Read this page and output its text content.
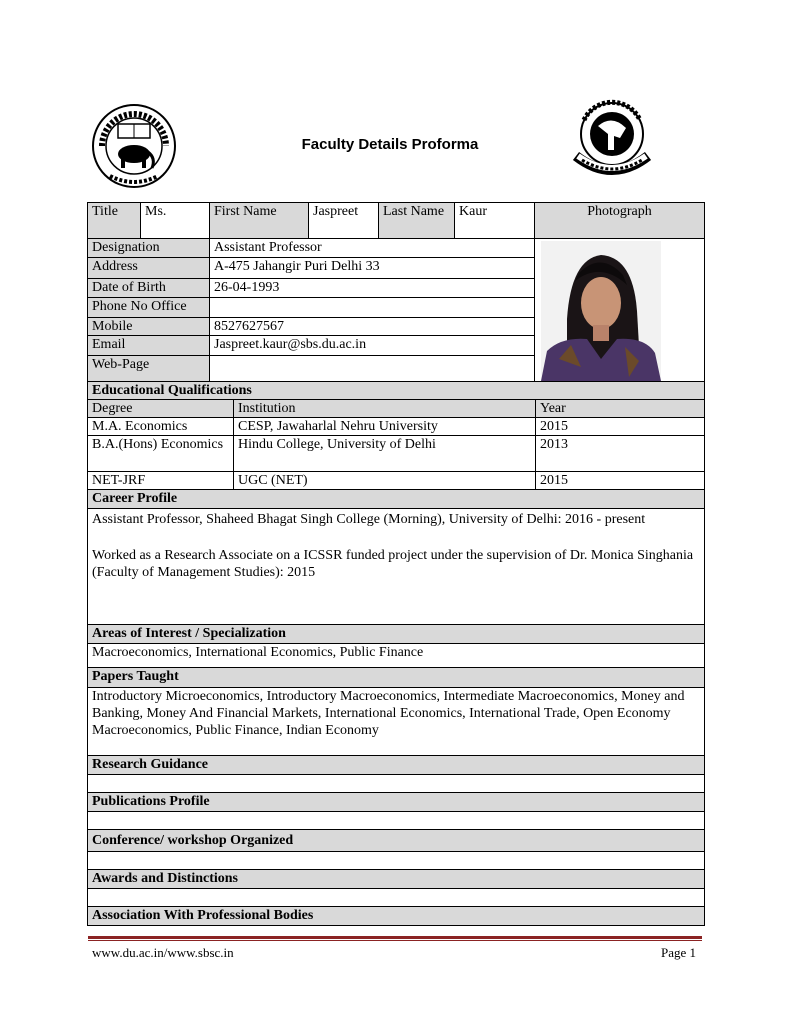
Faculty Details Proforma
Title	Ms.	First Name	Jaspreet	Last Name	Kaur	Photograph
Designation		Assistant Professor	

Address		A-475 Jahangir Puri Delhi 33				
Date of Birth		26-04-1993				
Phone No Office						
Mobile		8527627567				
Email		Jaspreet.kaur@sbs.du.ac.in				
Web-Page						
Educational Qualifications		
Degree	Institution	Year
M.A. Economics	CESP, Jawaharlal Nehru University	2015
B.A.(Hons) Economics	Hindu College, University of Delhi	2013
NET-JRF	UGC (NET)	2015
Career Profile		

Assistant Professor, Shaheed Bhagat Singh College (Morning), University of Delhi: 2016 - present
Worked as a Research Associate on a ICSSR funded project under the supervision of Dr. Monica Singhania (Faculty of Management Studies): 2015		

Areas of Interest / Specialization		
Macroeconomics, International Economics, Public Finance		
Papers Taught		
Introductory Microeconomics, Introductory Macroeconomics, Intermediate Macroeconomics, Money and Banking, Money And Financial Markets, International Economics, International Trade, Open Economy Macroeconomics, Public Finance, Indian Economy		
Research Guidance		

Publications Profile		

Conference/ workshop Organized		

Awards and Distinctions		

Association With Professional Bodies		
www.du.ac.in/www.sbsc.in	Page 1
